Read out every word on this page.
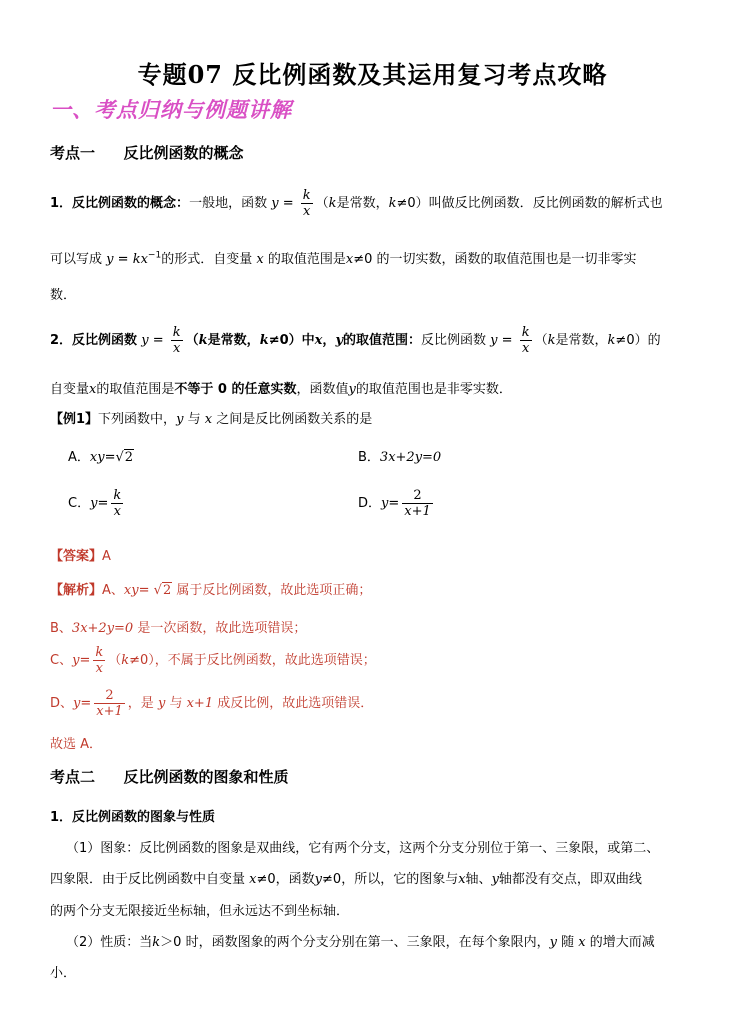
专题07 反比例函数及其运用复习考点攻略
一、考点归纳与例题讲解
考点一 反比例函数的概念
1．反比例函数的概念：一般地，函数 $y = \frac{k}{x} (k$是常数，k≠0）叫做反比例函数．反比例函数的解析式也
可以写成 $y = kx^{-1}$的形式．自变量 x 的取值范围是x≠0 的一切实数，函数的取值范围也是一切非零实
数．
2．反比例函数 $y = \frac{k}{x} (k$是常数，k≠0）中x，y的取值范围：反比例函数 $y = \frac{k}{x} (k$是常数，k≠0）的
自变量x的取值范围是不等于 0 的任意实数，函数值y的取值范围也是非零实数．
【例1】下列函数中，y 与 x 之间是反比例函数关系的是
A．xy=√2	B．3x+2y=0
C．$y= \frac{k}{x}$	D．$y= \frac{2}{x+1}$
【答案】A
【解析】A、xy= √2 属于反比例函数，故此选项正确；
B、3x+2y=0 是一次函数，故此选项错误；
C、$y= \frac{k}{x} (k\ne 0)$，不属于反比例函数，故此选项错误；
D、$y= \frac{2}{x+1}$ ，是 y 与 x+1 成反比例，故此选项错误．
故选 A．
考点二 反比例函数的图象和性质
1．反比例函数的图象与性质
（1）图象：反比例函数的图象是双曲线，它有两个分支，这两个分支分别位于第一、三象限，或第二、
四象限．由于反比例函数中自变量 x≠0，函数y≠0，所以，它的图象与x轴、y轴都没有交点，即双曲线
的两个分支无限接近坐标轴，但永远达不到坐标轴．
（2）性质：当k＞0 时，函数图象的两个分支分别在第一、三象限，在每个象限内，y 随 x 的增大而减
小．
